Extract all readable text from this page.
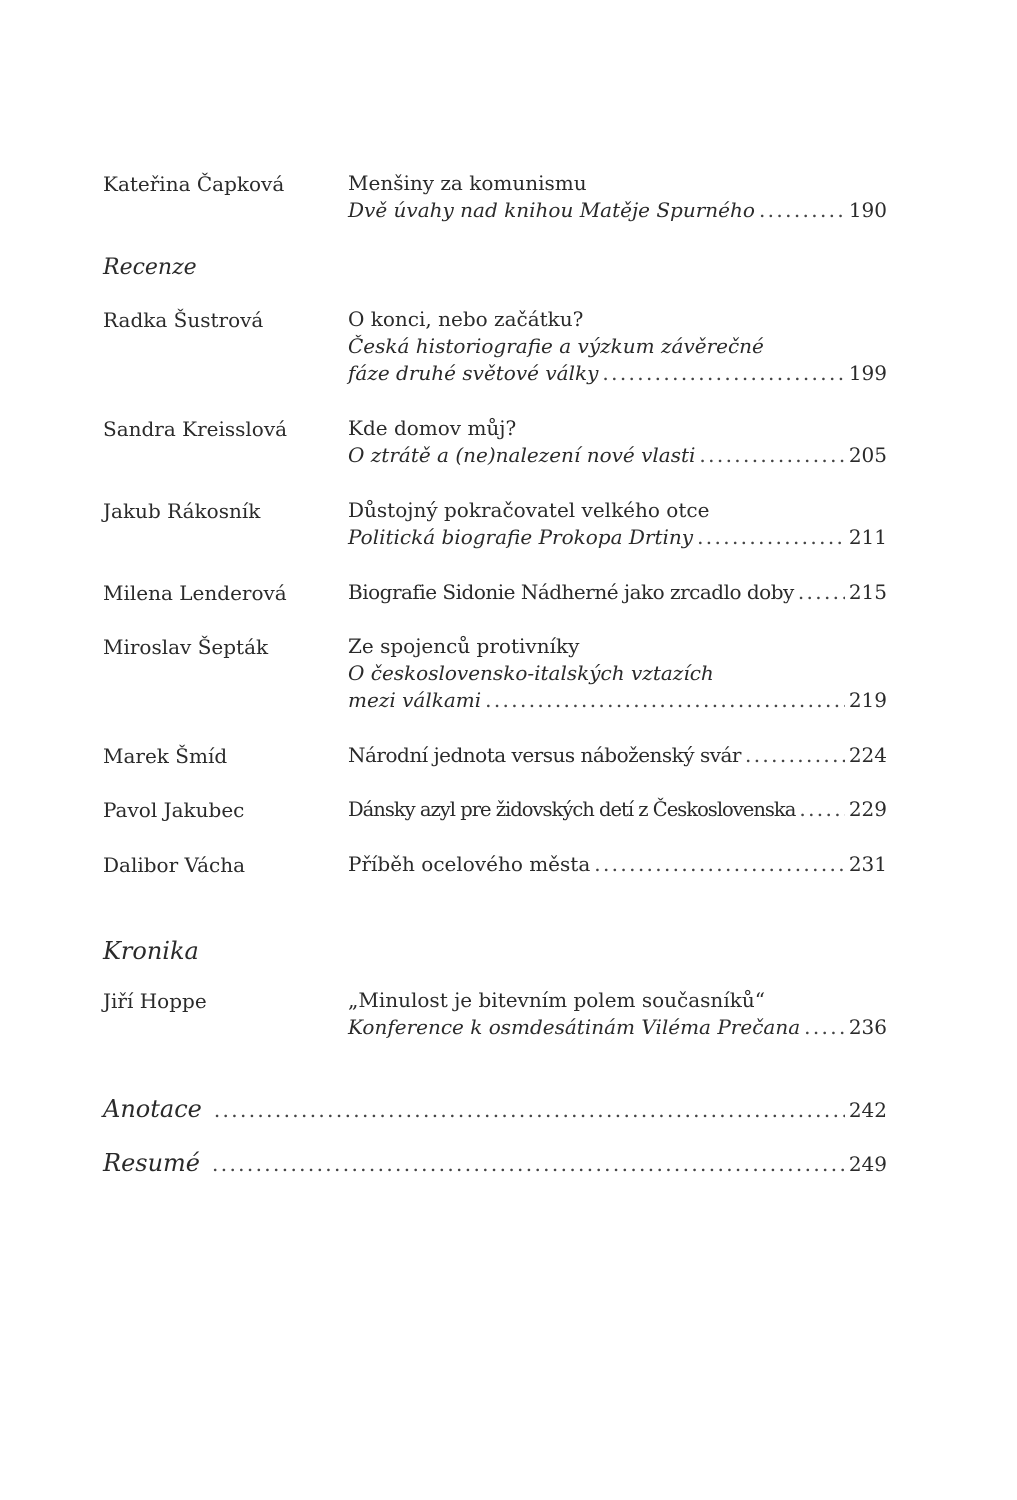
Kateřina Čapková	Menšiny za komunismu
Dvě úvahy nad knihou Matěje Spurného . . .	190
Recenze
Radka Šustrová	O konci, nebo začátku?
Česká historiografie a výzkum závěrečné
fáze druhé světové války . . .	199
Sandra Kreisslová	Kde domov můj?
O ztrátě a (ne)nalezení nové vlasti . . .	205
Jakub Rákosník	Důstojný pokračovatel velkého otce
Politická biografie Prokopa Drtiny . . .	211
Milena Lenderová	Biografie Sidonie Nádherné jako zrcadlo doby . . .	215
Miroslav Šepták	Ze spojenců protivníky
O československo-italských vztazích
mezi válkami . . .	219
Marek Šmíd	Národní jednota versus náboženský svár . . .	224
Pavol Jakubec	Dánsky azyl pre židovských detí z Československa . . .	229
Dalibor Vácha	Příběh ocelového města . . .	231
Kronika
Jiří Hoppe	„Minulost je bitevním polem současníků“
Konference k osmdesátinám Viléma Prečana . . . 236
Anotace . . .	242
Resumé . . .	249
